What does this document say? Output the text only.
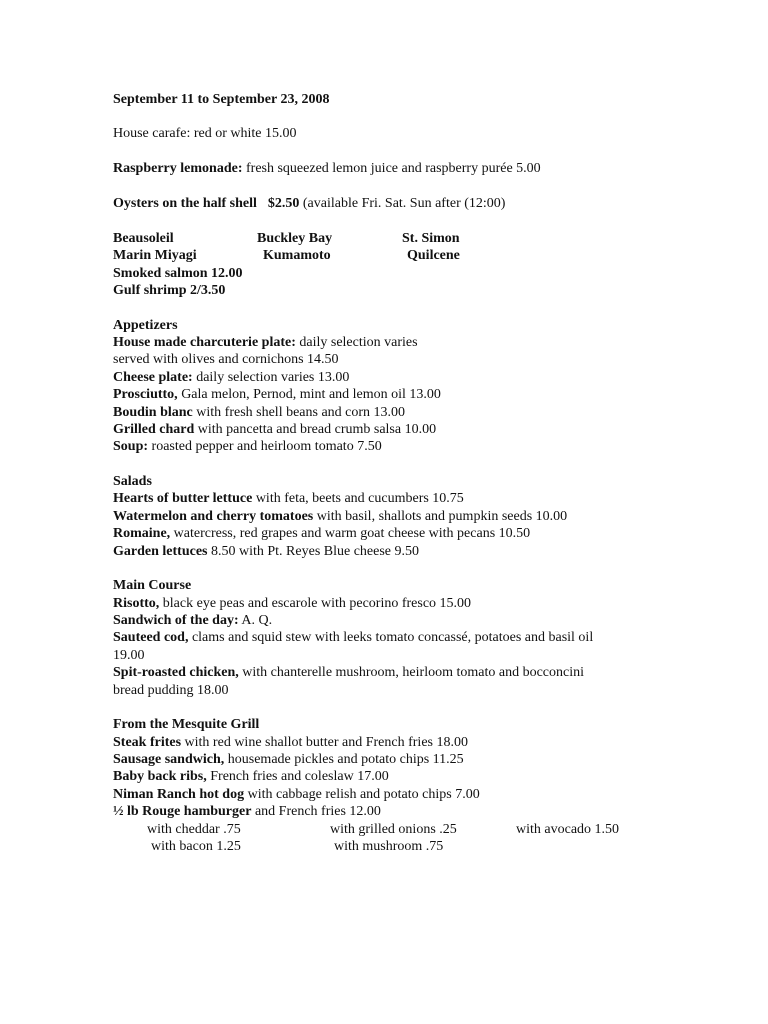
September 11 to September 23, 2008
House carafe: red or white 15.00
Raspberry lemonade: fresh squeezed lemon juice and raspberry purée 5.00
Oysters on the half shell $2.50 (available Fri. Sat. Sun after (12:00)
Beausoleil	Buckley Bay	St. Simon
Marin Miyagi	Kumamoto	Quilcene
Smoked salmon 12.00
Gulf shrimp 2/3.50
Appetizers
House made charcuterie plate: daily selection varies
served with olives and cornichons 14.50
Cheese plate: daily selection varies 13.00
Prosciutto, Gala melon, Pernod, mint and lemon oil 13.00
Boudin blanc with fresh shell beans and corn 13.00
Grilled chard with pancetta and bread crumb salsa 10.00
Soup: roasted pepper and heirloom tomato 7.50
Salads
Hearts of butter lettuce with feta, beets and cucumbers 10.75
Watermelon and cherry tomatoes with basil, shallots and pumpkin seeds 10.00
Romaine, watercress, red grapes and warm goat cheese with pecans 10.50
Garden lettuces 8.50 with Pt. Reyes Blue cheese 9.50
Main Course
Risotto, black eye peas and escarole with pecorino fresco 15.00
Sandwich of the day: A. Q.
Sauteed cod, clams and squid stew with leeks tomato concassé, potatoes and basil oil
19.00
Spit-roasted chicken, with chanterelle mushroom, heirloom tomato and bocconcini
bread pudding 18.00
From the Mesquite Grill
Steak frites with red wine shallot butter and French fries 18.00
Sausage sandwich, housemade pickles and potato chips 11.25
Baby back ribs, French fries and coleslaw 17.00
Niman Ranch hot dog with cabbage relish and potato chips 7.00
½ lb Rouge hamburger and French fries 12.00
with cheddar .75	with grilled onions .25	with avocado 1.50
with bacon 1.25	with mushroom .75
